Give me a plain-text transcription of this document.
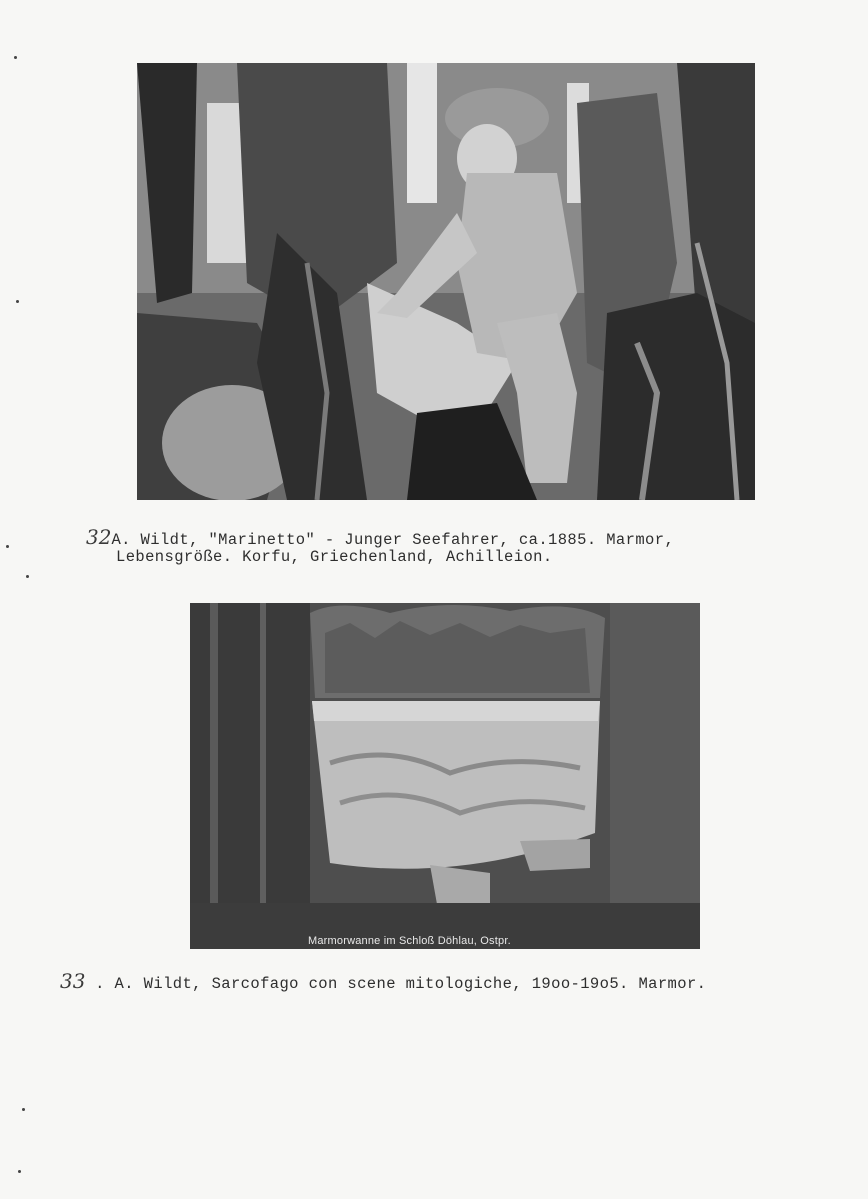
32A. Wildt, "Marinetto" - Junger Seefahrer, ca.1885. Marmor,
Lebensgröße. Korfu, Griechenland, Achilleion.
Marmorwanne im Schloß Döhlau, Ostpr.
33 . A. Wildt, Sarcofago con scene mitologiche, 19oo-19o5. Marmor.
